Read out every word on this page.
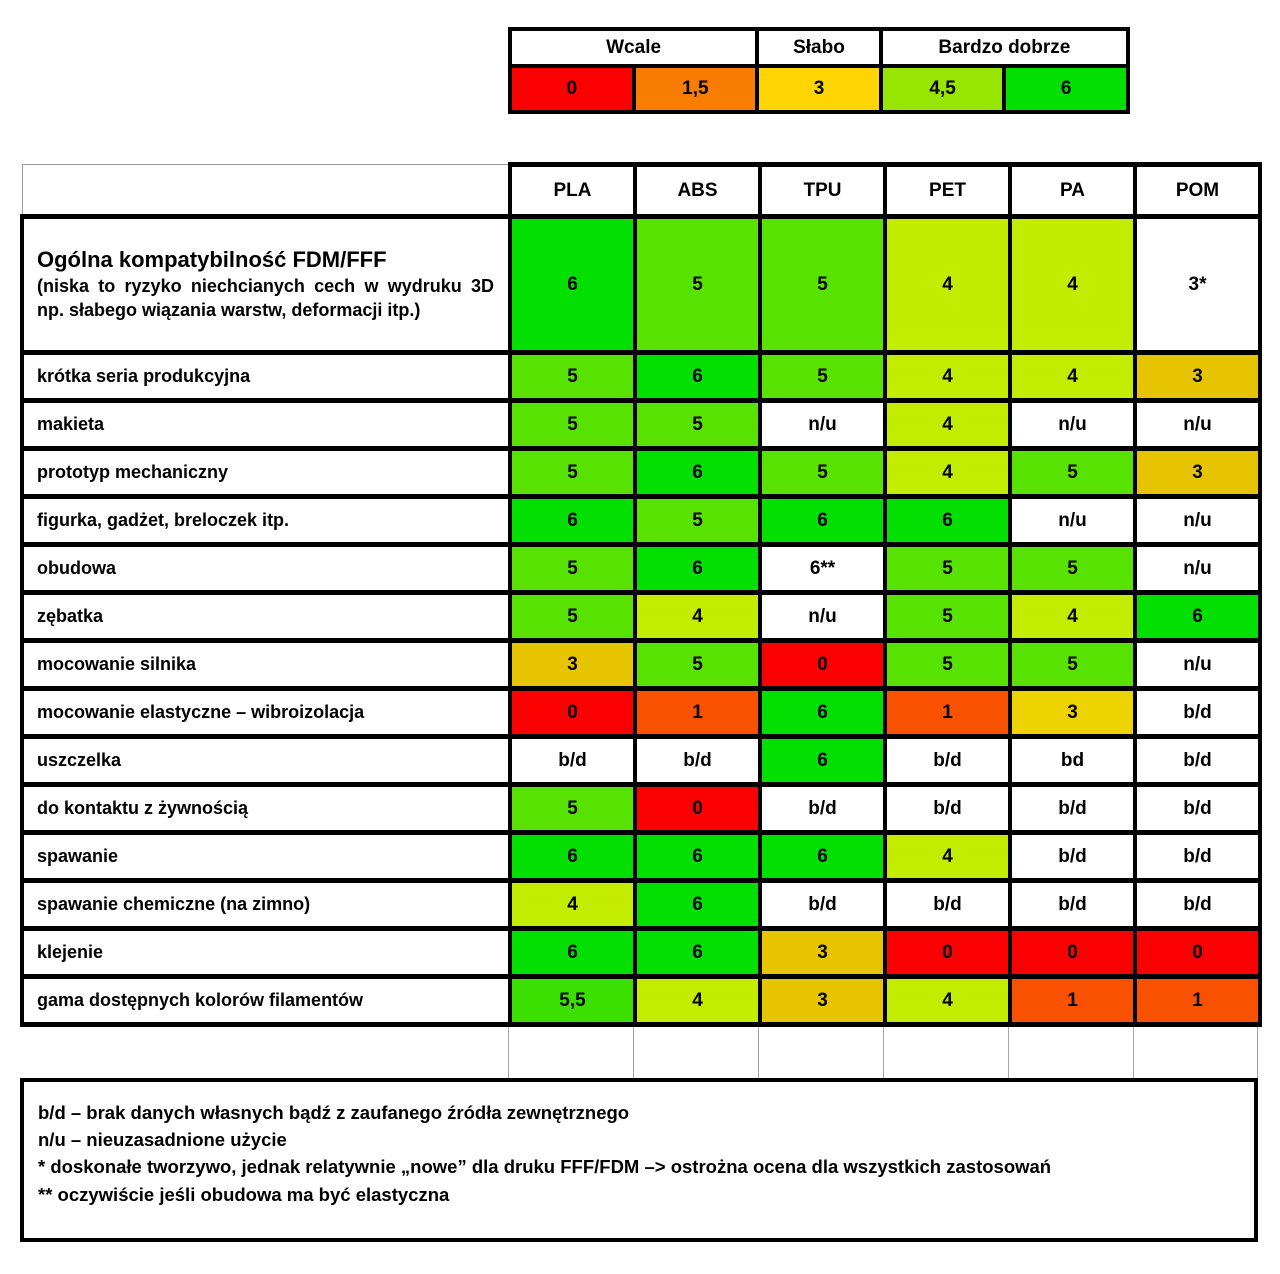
Wcale		Słabo	Bardzo dobrze	
0	1,5	3	4,5	6
	PLA	ABS	TPU	PET	PA	POM

Ogólna kompatybilność FDM/FFF
(niska to ryzyko niechcianych cech w wydruku 3D np. słabego wiązania warstw, deformacji itp.)	6	5	5	4	4	3*
krótka seria produkcyjna	5	6	5	4	4	3
makieta	5	5	n/u	4	n/u	n/u
prototyp mechaniczny	5	6	5	4	5	3
figurka, gadżet, breloczek itp.	6	5	6	6	n/u	n/u
obudowa	5	6	6**	5	5	n/u
zębatka	5	4	n/u	5	4	6
mocowanie silnika	3	5	0	5	5	n/u
mocowanie elastyczne – wibroizolacja	0	1	6	1	3	b/d
uszczelka	b/d	b/d	6	b/d	bd	b/d
do kontaktu z żywnością	5	0	b/d	b/d	b/d	b/d
spawanie	6	6	6	4	b/d	b/d
spawanie chemiczne (na zimno)	4	6	b/d	b/d	b/d	b/d
klejenie	6	6	3	0	0	0
gama dostępnych kolorów filamentów	5,5	4	3	4	1	1
b/d – brak danych własnych bądź z zaufanego źródła zewnętrznego
n/u – nieuzasadnione użycie
* doskonałe tworzywo, jednak relatywnie „nowe” dla druku FFF/FDM –> ostrożna ocena dla wszystkich zastosowań
** oczywiście jeśli obudowa ma być elastyczna
